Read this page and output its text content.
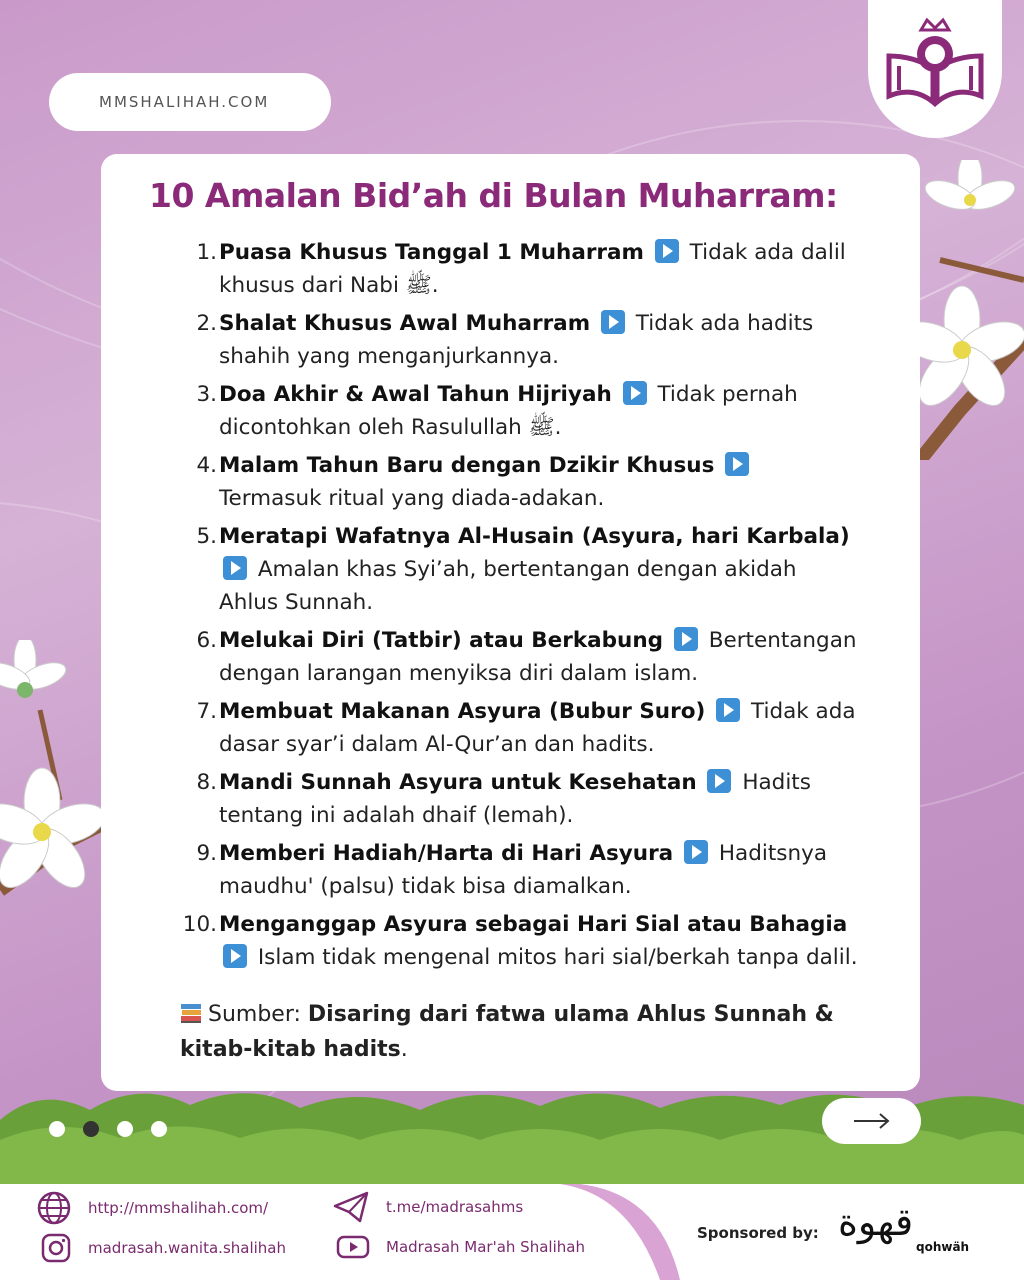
MMSHALIHAH.COM
10 Amalan Bid’ah di Bulan Muharram:
1. Puasa Khusus Tanggal 1 Muharram Tidak ada dalil khusus dari Nabi ﷺ.
2. Shalat Khusus Awal Muharram Tidak ada hadits shahih yang menganjurkannya.
3. Doa Akhir & Awal Tahun Hijriyah Tidak pernah dicontohkan oleh Rasulullah ﷺ.
4. Malam Tahun Baru dengan Dzikir Khusus  Termasuk ritual yang diada-adakan.
5. Meratapi Wafatnya Al-Husain (Asyura, hari Karbala)  Amalan khas Syi’ah, bertentangan dengan akidah Ahlus Sunnah.
6. Melukai Diri (Tatbir) atau Berkabung Bertentangan dengan larangan menyiksa diri dalam islam.
7. Membuat Makanan Asyura (Bubur Suro) Tidak ada dasar syar’i dalam Al-Qur’an dan hadits.
8. Mandi Sunnah Asyura untuk Kesehatan Hadits tentang ini adalah dhaif (lemah).
9. Memberi Hadiah/Harta di Hari Asyura Haditsnya maudhu' (palsu) tidak bisa diamalkan.
10. Menganggap Asyura sebagai Hari Sial atau Bahagia  Islam tidak mengenal mitos hari sial/berkah tanpa dalil.
Sumber: Disaring dari fatwa ulama Ahlus Sunnah & kitab-kitab hadits.
http://mmshalihah.com/
madrasah.wanita.shalihah
t.me/madrasahms
Madrasah Mar'ah Shalihah
Sponsored by: قهوة
qohwäh
